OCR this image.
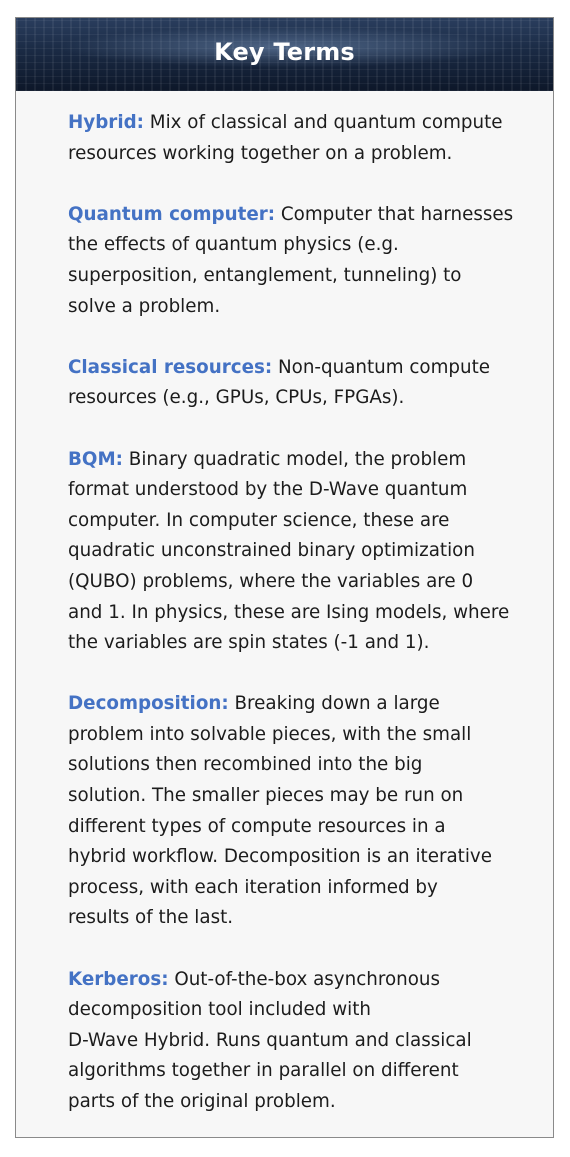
Key Terms
Hybrid: Mix of classical and quantum compute
resources working together on a problem.
Quantum computer: Computer that harnesses
the effects of quantum physics (e.g.
superposition, entanglement, tunneling) to
solve a problem.
Classical resources: Non-quantum compute
resources (e.g., GPUs, CPUs, FPGAs).
BQM: Binary quadratic model, the problem
format understood by the D-Wave quantum
computer. In computer science, these are
quadratic unconstrained binary optimization
(QUBO) problems, where the variables are 0
and 1. In physics, these are Ising models, where
the variables are spin states (-1 and 1).
Decomposition: Breaking down a large
problem into solvable pieces, with the small
solutions then recombined into the big
solution. The smaller pieces may be run on
different types of compute resources in a
hybrid workflow. Decomposition is an iterative
process, with each iteration informed by
results of the last.
Kerberos: Out-of-the-box asynchronous
decomposition tool included with
D-Wave Hybrid. Runs quantum and classical
algorithms together in parallel on different
parts of the original problem.
